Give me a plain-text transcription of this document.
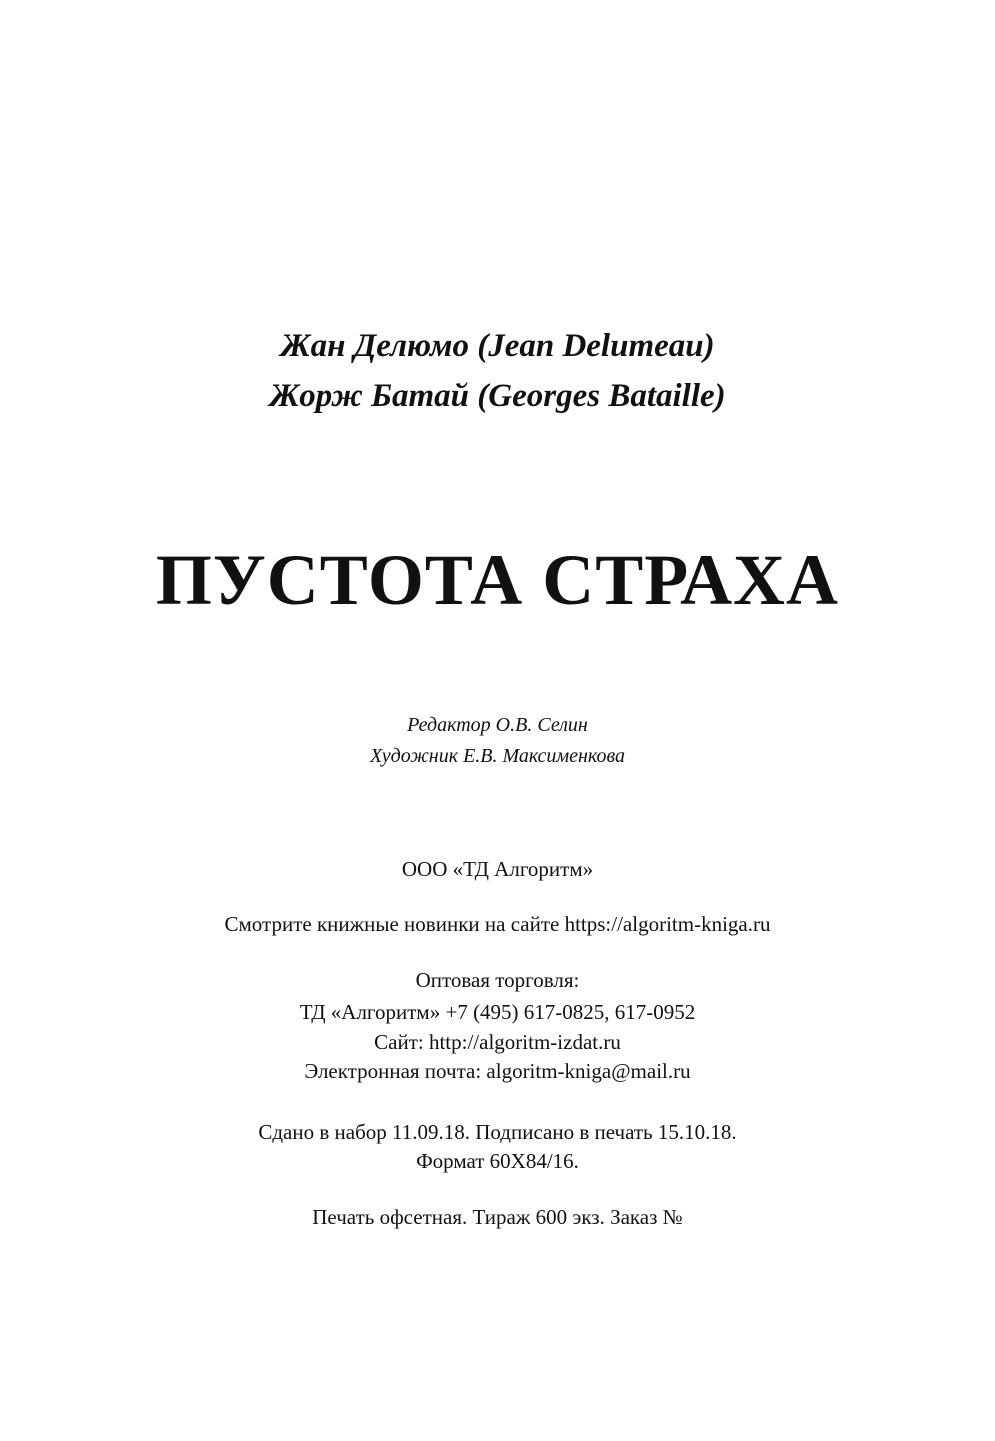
Жан Делюмо (Jean Delumeau)
Жорж Батай (Georges Bataille)
ПУСТОТА СТРАХА
Редактор О.В. Селин
Художник Е.В. Максименкова
ООО «ТД Алгоритм»
Смотрите книжные новинки на сайте https://algoritm-kniga.ru
Оптовая торговля:
ТД «Алгоритм» +7 (495) 617-0825, 617-0952
Сайт: http://algoritm-izdat.ru
Электронная почта: algoritm-kniga@mail.ru
Сдано в набор 11.09.18. Подписано в печать 15.10.18.
Формат 60Х84/16.
Печать офсетная. Тираж 600 экз. Заказ №
